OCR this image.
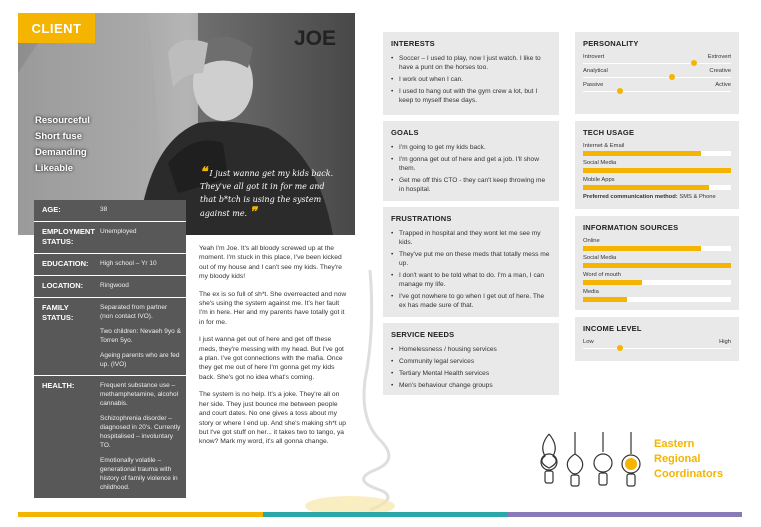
CLIENT	JOE
Resourceful
Short fuse
Demanding
Likeable	❝ I just wanna get my kids back. They've all got it in for me and that b*tch is using the system against me. ❞
AGE:	38

EMPLOYMENT STATUS:

Unemployed

EDUCATION:	High school – Yr 10

LOCATION:	Ringwood

FAMILY STATUS:

Separated from partner (non contact IVO).

Two children: Nevaeh 9yo & Torren 5yo.

Ageing parents who are fed up. (IVO)

HEALTH:	Frequent substance use – methamphetamine, alcohol cannabis.

Schizophrenia disorder – diagnosed in 20's. Currently hospitalised – involuntary TO.

Emotionally volatile – generational trauma with history of family violence in childhood.

Yeah I'm Joe. It's all bloody screwed up at the moment. I'm stuck in this place, I've been kicked out of my house and I can't see my kids. They're my bloody kids!

The ex is so full of sh*t. She overreacted and now she's using the system against me. It's her fault I'm in here. Her and my parents have totally got it in for me.

I just wanna get out of here and get off these meds, they're messing with my head. But I've got a plan. I've got connections with the mafia. Once they get me out of here I'm gonna get my kids back. She's got no idea what's coming.

The system is no help. It's a joke. They're all on her side. They just bounce me between people and court dates. No one gives a toss about my story or where I end up. And she's making sh*t up but I've got stuff on her... it takes two to tango, ya know? Mark my word, it's all gonna change.

INTERESTS
• Soccer – I used to play, now I just watch. I like to have a punt on the horses too.
• I work out when I can.
• I used to hang out with the gym crew a lot, but I keep to myself these days.
GOALS
• I'm going to get my kids back.
• I'm gonna get out of here and get a job. I'll show them.
• Get me off this CTO - they can't keep throwing me in hospital.
FRUSTRATIONS
• Trapped in hospital and they wont let me see my kids.
• They've put me on these meds that totally mess me up.
• I don't want to be told what to do. I'm a man, I can manage my life.
• I've got nowhere to go when I get out of here. The ex has made sure of that.
SERVICE NEEDS
• Homelessness / housing services
• Community legal services
• Tertiary Mental Health services
• Men's behaviour change groups
PERSONALITY
Introvert	Extrovert
Analytical	Creative
Passive	Active
TECH USAGE
Internet & Email
Social Media
Mobile Apps
Preferred communication method: SMS & Phone
INFORMATION SOURCES
Online
Social Media
Word of mouth
Media
INCOME LEVEL
Low	High
Eastern
Regional
Coordinators
